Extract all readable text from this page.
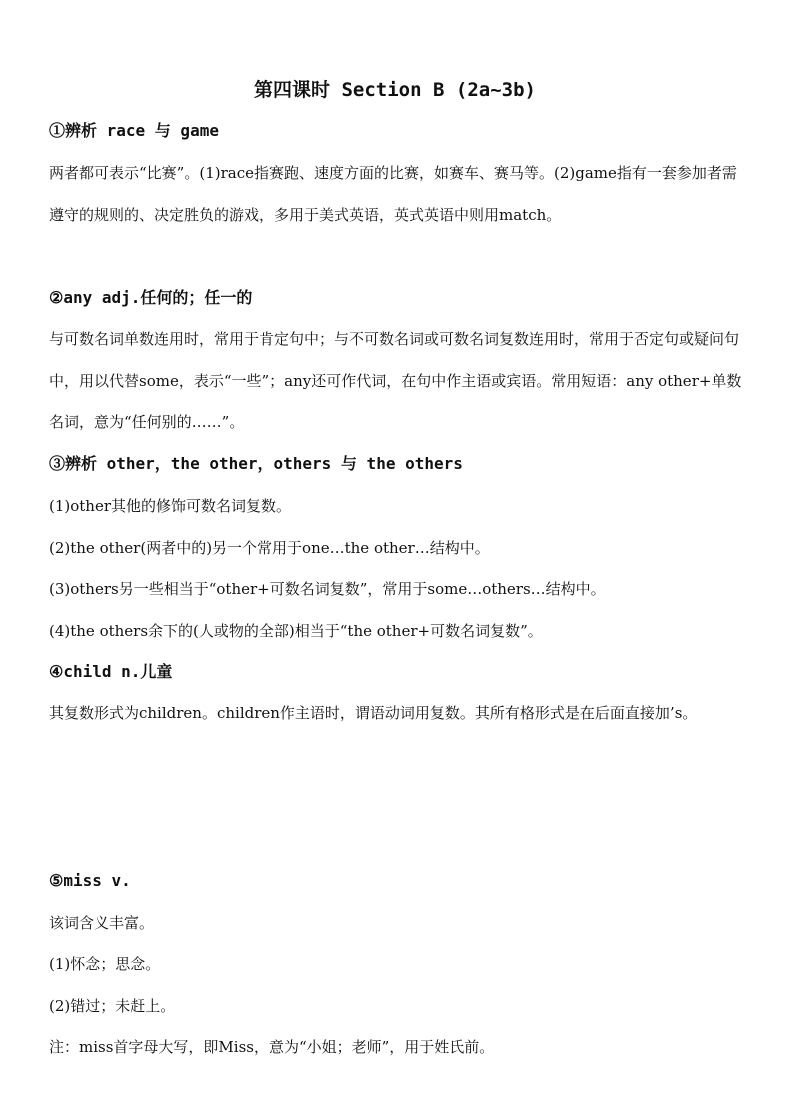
第四课时 Section B (2a~3b)
①辨析 race 与 game

两者都可表示“比赛”。(1)race指赛跑、速度方面的比赛，如赛车、赛马等。(2)game指有一套参加者需遵守的规则的、决定胜负的游戏，多用于美式英语，英式英语中则用match。

②any adj.任何的；任一的

与可数名词单数连用时，常用于肯定句中；与不可数名词或可数名词复数连用时，常用于否定句或疑问句中，用以代替some，表示“一些”；any还可作代词，在句中作主语或宾语。常用短语：any other+单数名词，意为“任何别的……”。

③辨析 other，the other，others 与 the others
(1)other其他的修饰可数名词复数。
(2)the other(两者中的)另一个常用于one…the other…结构中。
(3)others另一些相当于“other+可数名词复数”，常用于some…others…结构中。
(4)the others余下的(人或物的全部)相当于“the other+可数名词复数”。
④child n.儿童

其复数形式为children。children作主语时，谓语动词用复数。其所有格形式是在后面直接加’s。

⑤miss v.
该词含义丰富。
(1)怀念；思念。
(2)错过；未赶上。
注：miss首字母大写，即Miss，意为“小姐；老师”，用于姓氏前。
